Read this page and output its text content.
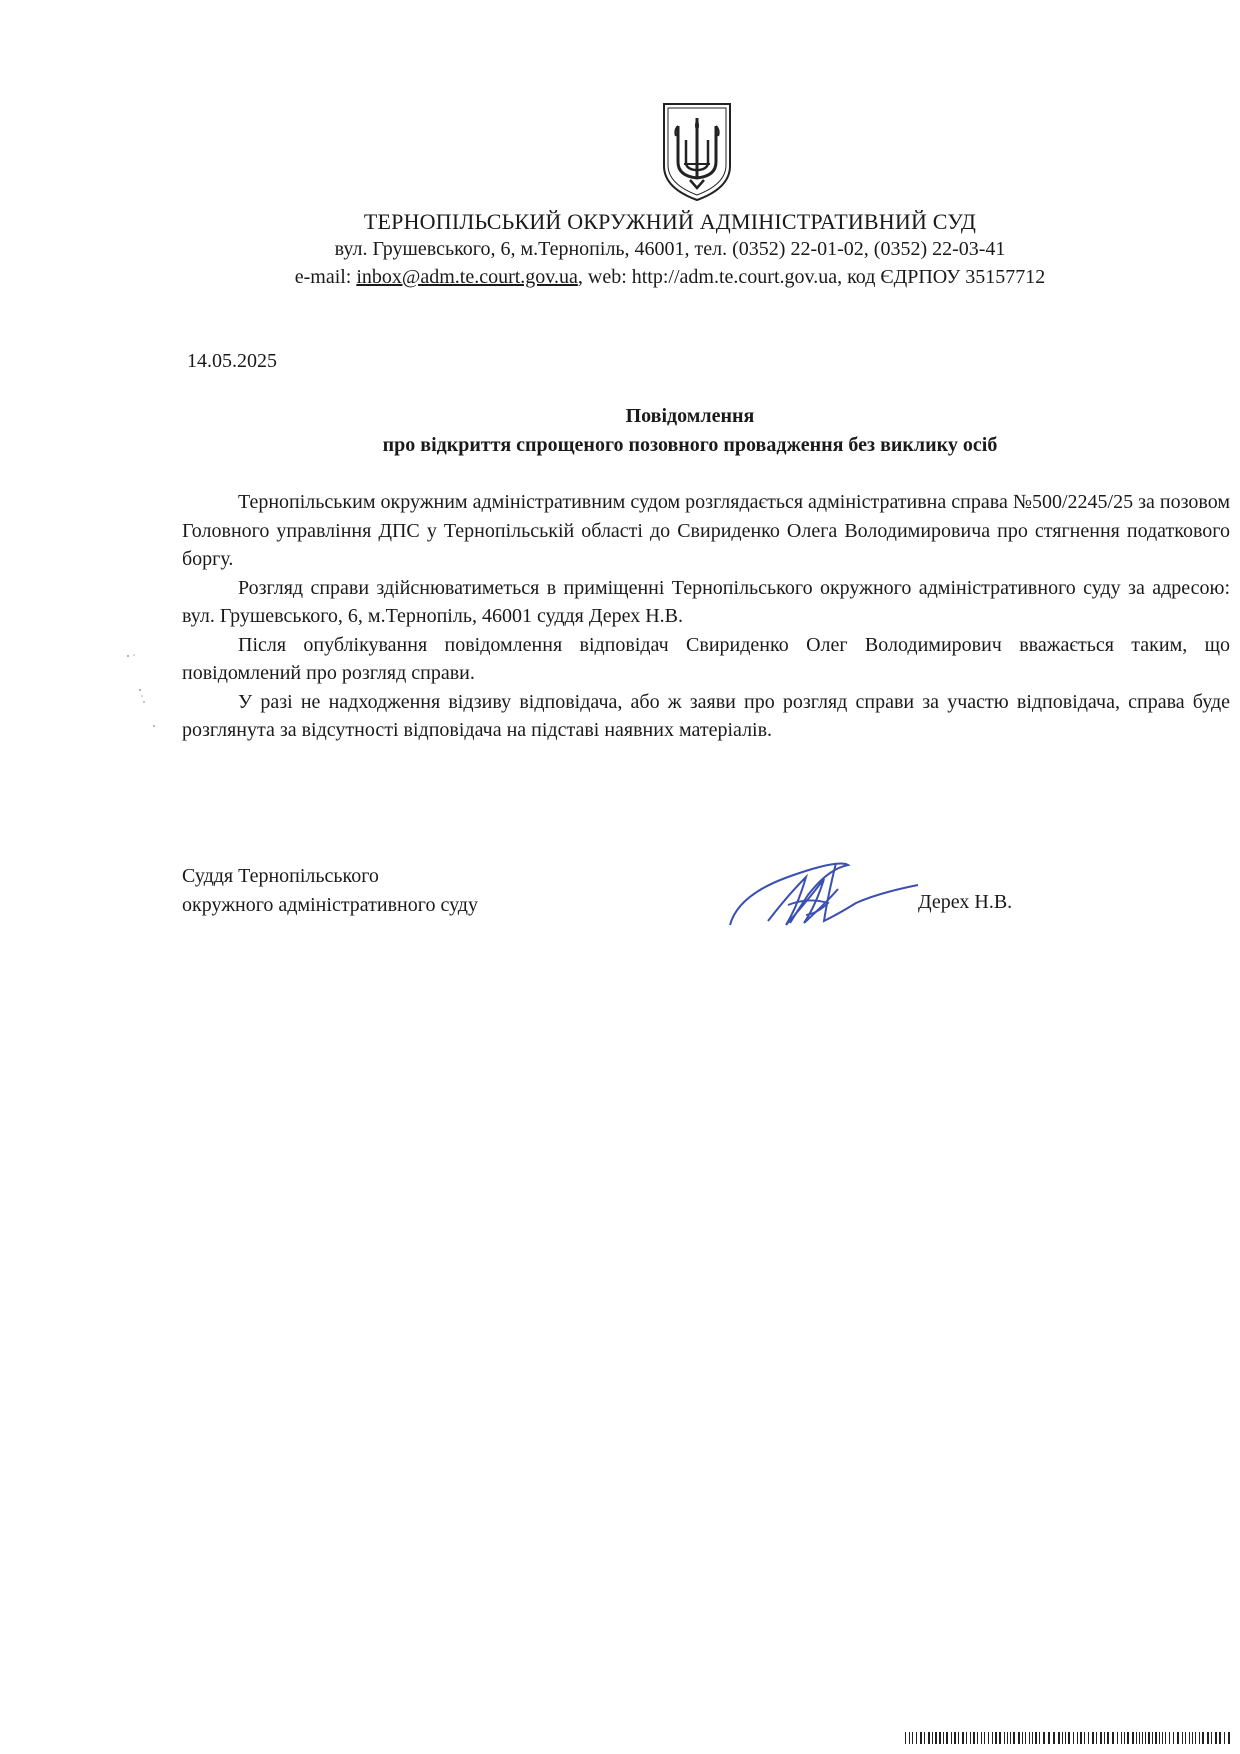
ТЕРНОПІЛЬСЬКИЙ ОКРУЖНИЙ АДМІНІСТРАТИВНИЙ СУД
вул. Грушевського, 6, м.Тернопіль, 46001, тел. (0352) 22-01-02, (0352) 22-03-41
e-mail: inbox@adm.te.court.gov.ua, web: http://adm.te.court.gov.ua, код ЄДРПОУ 35157712
14.05.2025
Повідомлення
про відкриття спрощеного позовного провадження без виклику осіб

Тернопільським окружним адміністративним судом розглядається адміністративна справа №500/2245/25 за позовом Головного управління ДПС у Тернопільській області до Свириденко Олега Володимировича про стягнення податкового боргу.

Розгляд справи здійснюватиметься в приміщенні Тернопільського окружного адміністративного суду за адресою: вул. Грушевського, 6, м.Тернопіль, 46001 суддя Дерех Н.В.

Після опублікування повідомлення відповідач Свириденко Олег Володимирович вважається таким, що повідомлений про розгляд справи.

У разі не надходження відзиву відповідача, або ж заяви про розгляд справи за участю відповідача, справа буде розглянута за відсутності відповідача на підставі наявних матеріалів.

Суддя Тернопільського
окружного адміністративного суду	Дерех Н.В.
